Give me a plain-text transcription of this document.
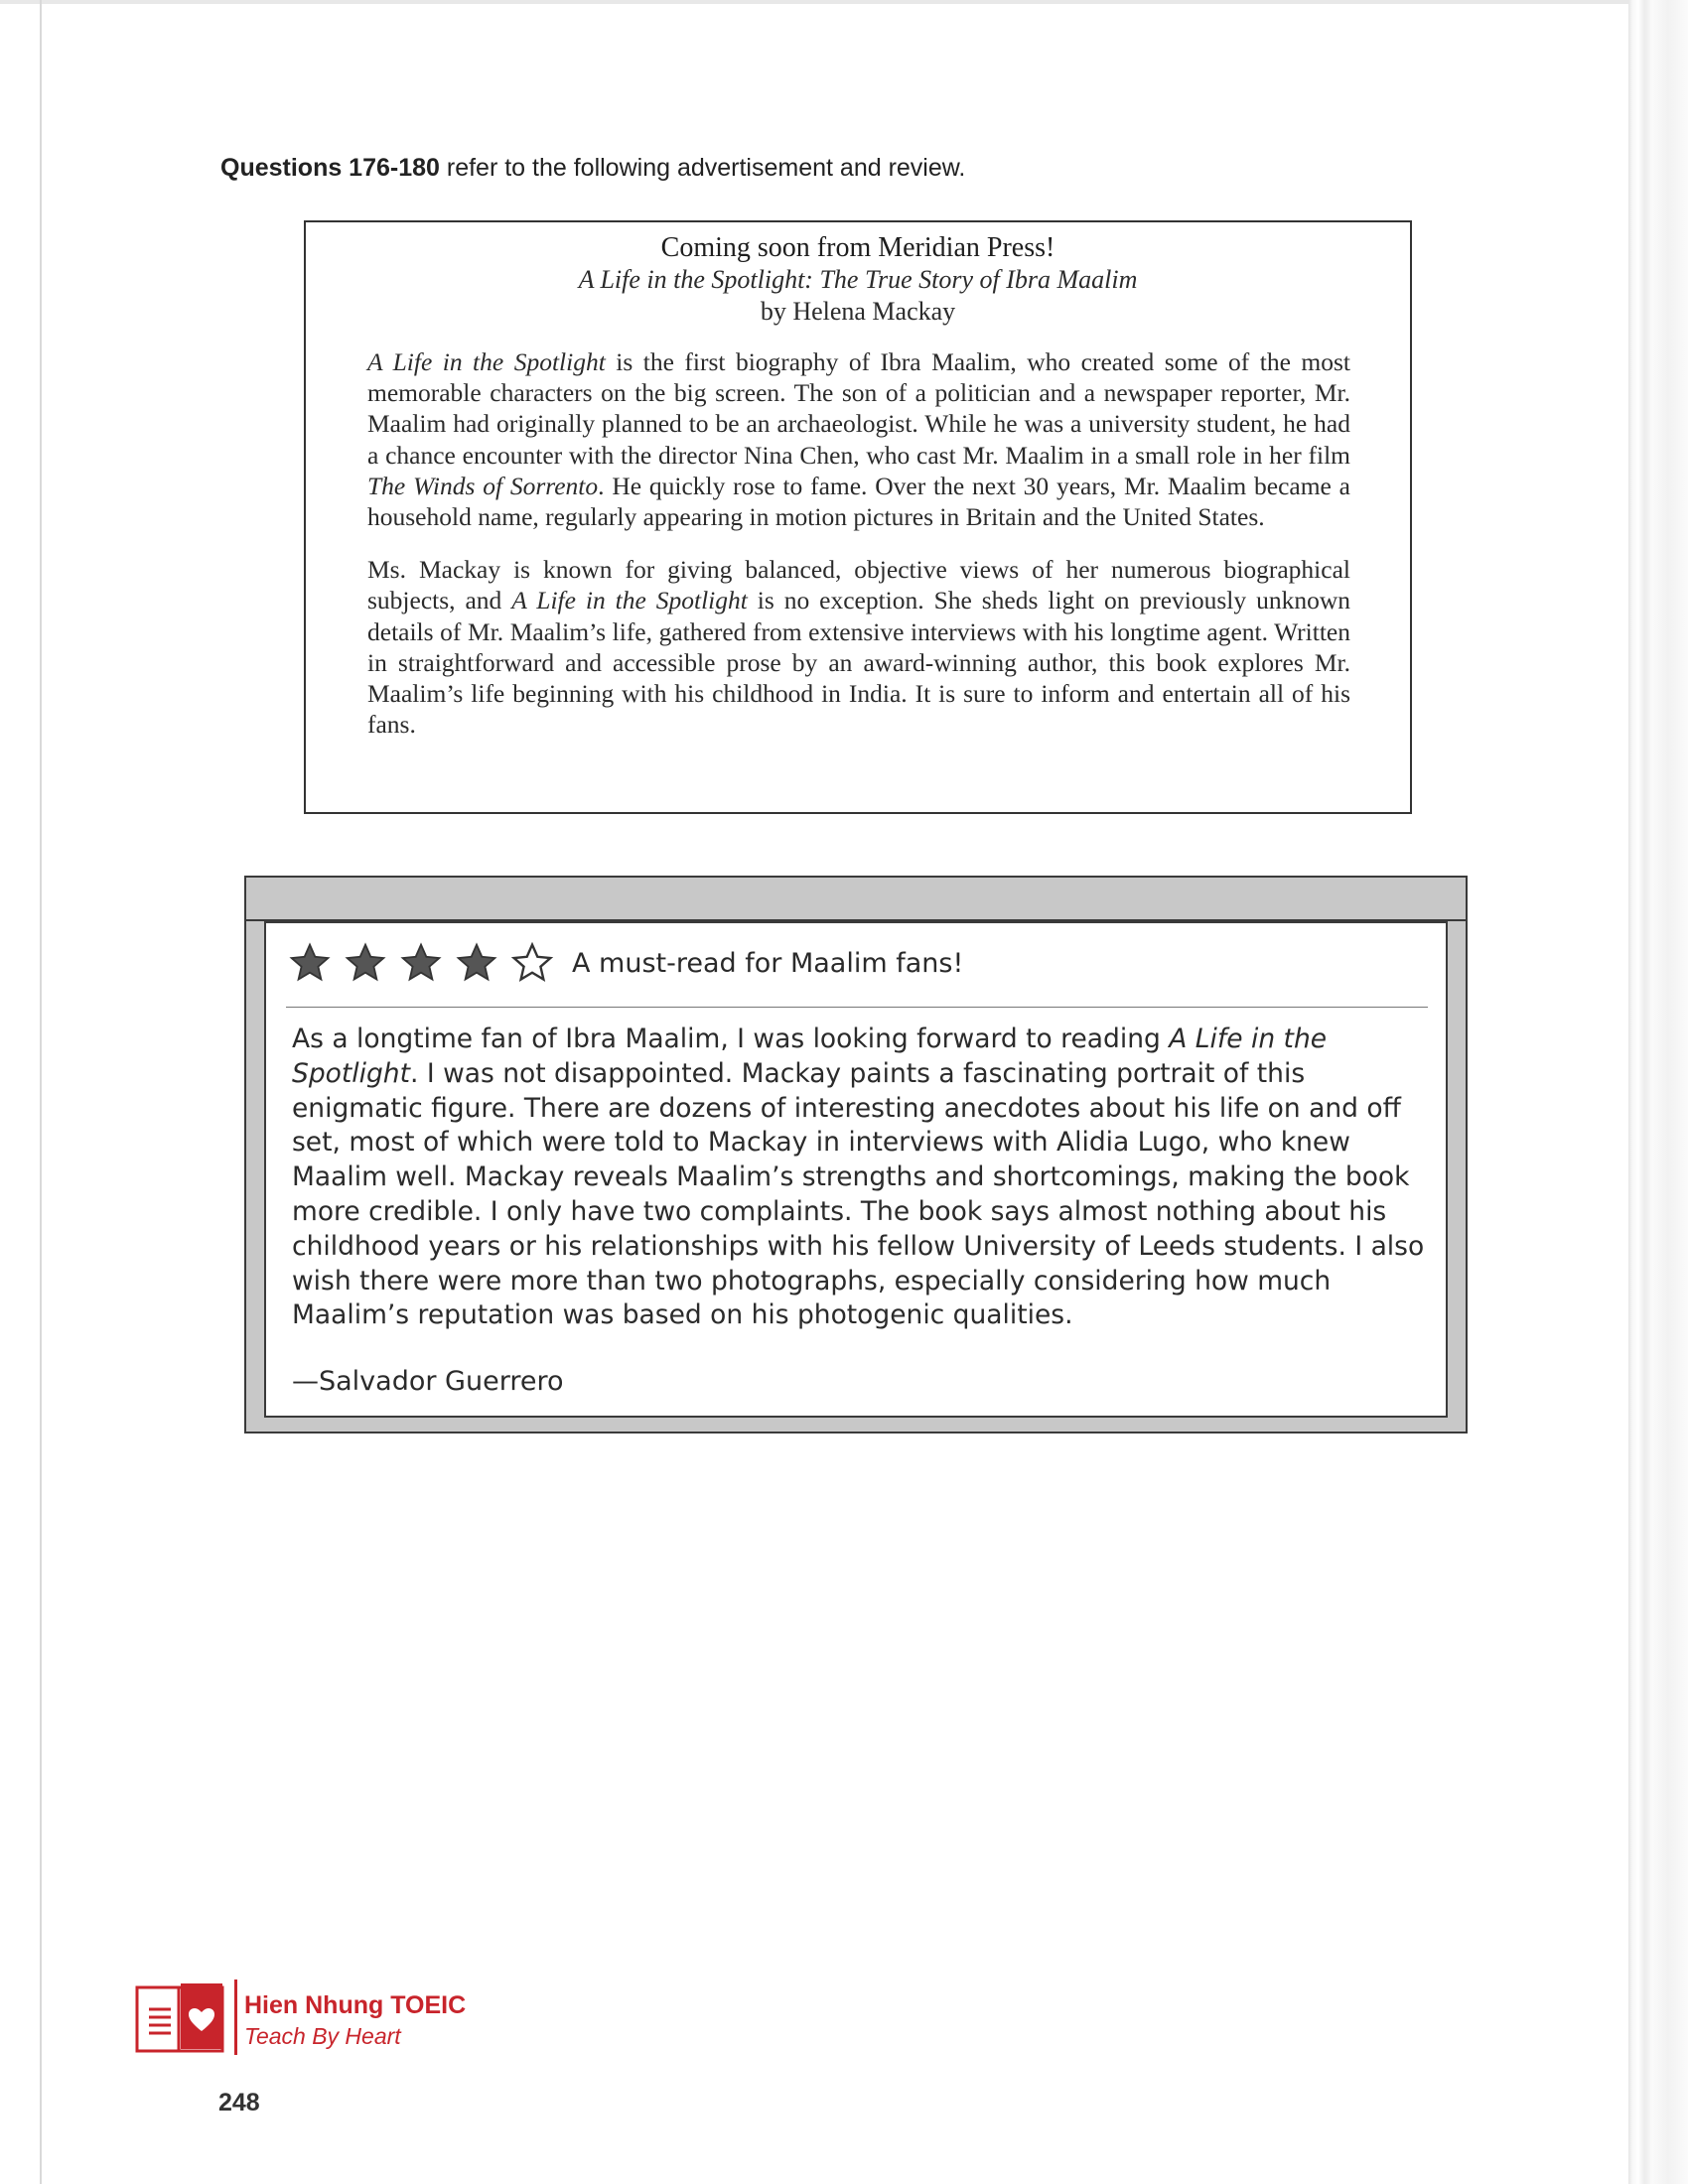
Questions 176-180 refer to the following advertisement and review.
Coming soon from Meridian Press!
A Life in the Spotlight: The True Story of Ibra Maalim
by Helena Mackay

A Life in the Spotlight is the first biography of Ibra Maalim, who created some of the most memorable characters on the big screen. The son of a politician and a newspaper reporter, Mr. Maalim had originally planned to be an archaeologist. While he was a university student, he had a chance encounter with the director Nina Chen, who cast Mr. Maalim in a small role in her film The Winds of Sorrento. He quickly rose to fame. Over the next 30 years, Mr. Maalim became a household name, regularly appearing in motion pictures in Britain and the United States.

Ms. Mackay is known for giving balanced, objective views of her numerous biographical subjects, and A Life in the Spotlight is no exception. She sheds light on previously unknown details of Mr. Maalim’s life, gathered from extensive interviews with his longtime agent. Written in straightforward and accessible prose by an award-winning author, this book explores Mr. Maalim’s life beginning with his childhood in India. It is sure to inform and entertain all of his fans.

A must-read for Maalim fans!

As a longtime fan of Ibra Maalim, I was looking forward to reading A Life in the Spotlight. I was not disappointed. Mackay paints a fascinating portrait of this enigmatic figure. There are dozens of interesting anecdotes about his life on and off set, most of which were told to Mackay in interviews with Alidia Lugo, who knew Maalim well. Mackay reveals Maalim’s strengths and shortcomings, making the book more credible. I only have two complaints. The book says almost nothing about his childhood years or his relationships with his fellow University of Leeds students. I also wish there were more than two photographs, especially considering how much Maalim’s reputation was based on his photogenic qualities.

—Salvador Guerrero
Hien Nhung TOEIC
Teach By Heart
248
